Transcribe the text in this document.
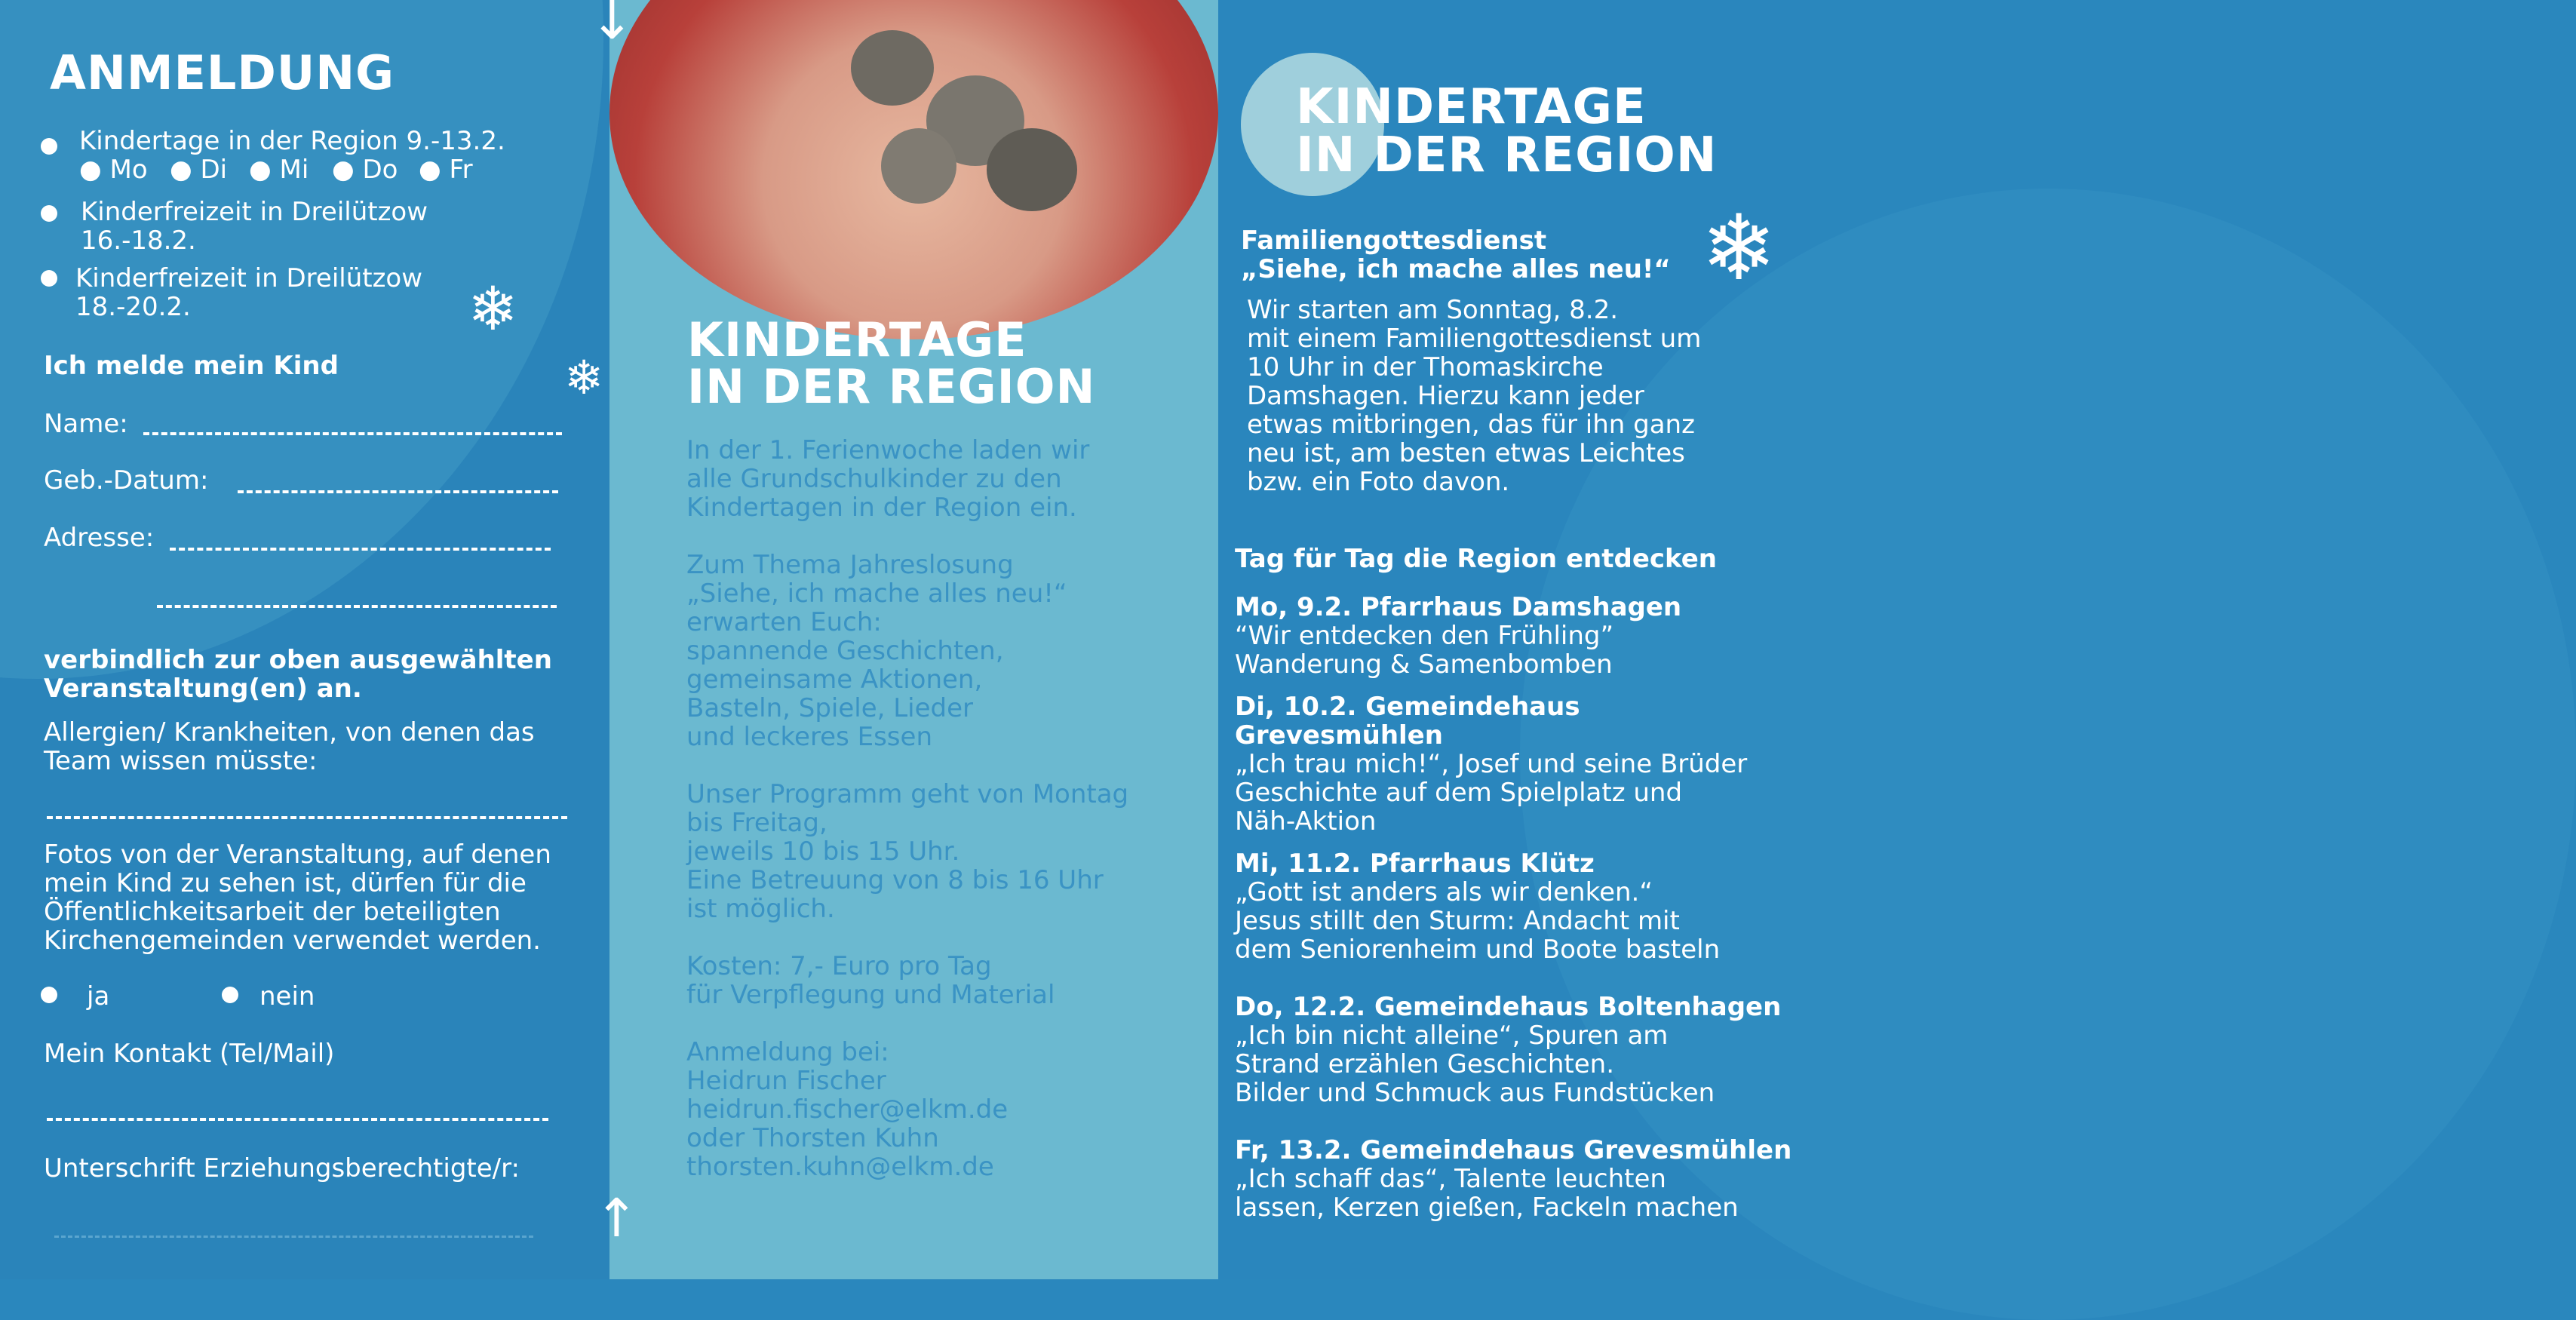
ANMELDUNG
Kindertage in der Region 9.-13.2.
● Mo ● Di ● Mi ● Do ● Fr
Kinderfreizeit in Dreilützow
16.-18.2.
Kinderfreizeit in Dreilützow
18.-20.2.	❄
❄
Ich melde mein Kind
Name:
Geb.-Datum:
Adresse:
verbindlich zur oben ausgewählten
Veranstaltung(en) an.
Allergien/ Krankheiten, von denen das
Team wissen müsste:
Fotos von der Veranstaltung, auf denen
mein Kind zu sehen ist, dürfen für die
Öffentlichkeitsarbeit der beteiligten
Kirchengemeinden verwendet werden.
ja	nein
Mein Kontakt (Tel/Mail)
Unterschrift Erziehungsberechtigte/r:
↓
↑
KINDERTAGE
IN DER REGION
In der 1. Ferienwoche laden wir
alle Grundschulkinder zu den
Kindertagen in der Region ein.
Zum Thema Jahreslosung
„Siehe, ich mache alles neu!“
erwarten Euch:
spannende Geschichten,
gemeinsame Aktionen,
Basteln, Spiele, Lieder
und leckeres Essen
Unser Programm geht von Montag
bis Freitag,
jeweils 10 bis 15 Uhr.
Eine Betreuung von 8 bis 16 Uhr
ist möglich.
Kosten: 7,- Euro pro Tag
für Verpflegung und Material
Anmeldung bei:
Heidrun Fischer
heidrun.fischer@elkm.de
oder Thorsten Kuhn
thorsten.kuhn@elkm.de
KINDERTAGE
IN DER REGION
❄
Familiengottesdienst
„Siehe, ich mache alles neu!“
Wir starten am Sonntag, 8.2.
mit einem Familiengottesdienst um
10 Uhr in der Thomaskirche
Damshagen. Hierzu kann jeder
etwas mitbringen, das für ihn ganz
neu ist, am besten etwas Leichtes
bzw. ein Foto davon.
Tag für Tag die Region entdecken
Mo, 9.2. Pfarrhaus Damshagen
“Wir entdecken den Frühling”
Wanderung & Samenbomben
Di, 10.2. Gemeindehaus Grevesmühlen
„Ich trau mich!“, Josef und seine Brüder
Geschichte auf dem Spielplatz und
Näh-Aktion
Mi, 11.2. Pfarrhaus Klütz
„Gott ist anders als wir denken.“
Jesus stillt den Sturm: Andacht mit
dem Seniorenheim und Boote basteln
Do, 12.2. Gemeindehaus Boltenhagen
„Ich bin nicht alleine“, Spuren am
Strand erzählen Geschichten.
Bilder und Schmuck aus Fundstücken
Fr, 13.2. Gemeindehaus Grevesmühlen
„Ich schaff das“, Talente leuchten
lassen, Kerzen gießen, Fackeln machen
